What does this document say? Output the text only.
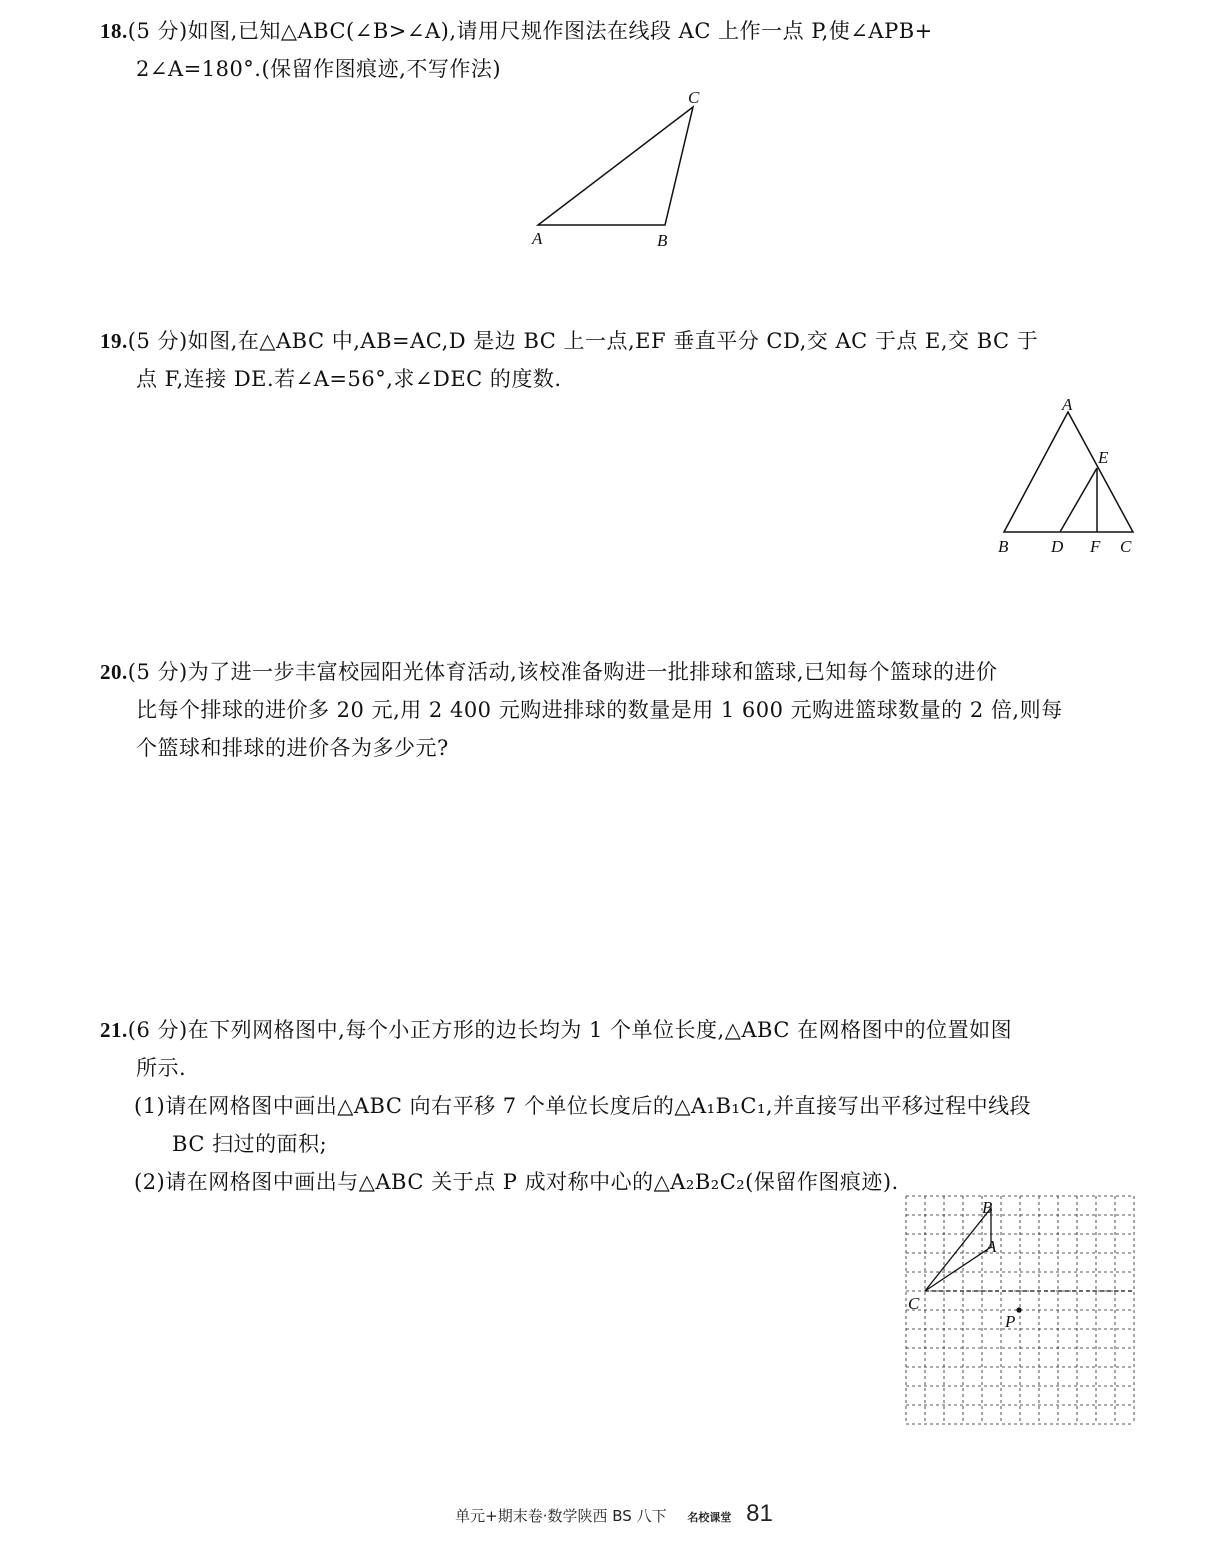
18.(5 分)如图,已知△ABC(∠B>∠A),请用尺规作图法在线段 AC 上作一点 P,使∠APB+
2∠A=180°.(保留作图痕迹,不写作法)
A	B
C
19.(5 分)如图,在△ABC 中,AB=AC,D 是边 BC 上一点,EF 垂直平分 CD,交 AC 于点 E,交 BC 于
点 F,连接 DE.若∠A=56°,求∠DEC 的度数.
A
E
B	D F C
20.(5 分)为了进一步丰富校园阳光体育活动,该校准备购进一批排球和篮球,已知每个篮球的进价
比每个排球的进价多 20 元,用 2 400 元购进排球的数量是用 1 600 元购进篮球数量的 2 倍,则每
个篮球和排球的进价各为多少元?
21.(6 分)在下列网格图中,每个小正方形的边长均为 1 个单位长度,△ABC 在网格图中的位置如图
所示.
(1)请在网格图中画出△ABC 向右平移 7 个单位长度后的△A₁B₁C₁,并直接写出平移过程中线段
BC 扫过的面积;
(2)请在网格图中画出与△ABC 关于点 P 成对称中心的△A₂B₂C₂(保留作图痕迹).
B
A
C
P
单元+期末卷·数学陕西 BS 八下 名校课堂 81
